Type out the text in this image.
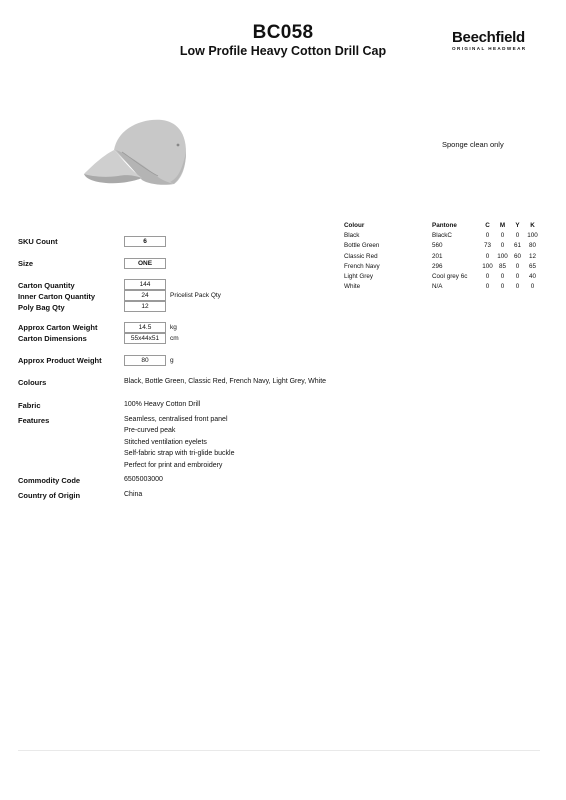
BC058
Low Profile Heavy Cotton Drill Cap
Beechfield
ORIGINAL HEADWEAR
Sponge clean only
SKU Count	6
Size	ONE
Carton Quantity	144
Inner Carton Quantity	24	Pricelist Pack Qty
Poly Bag Qty	12
Approx Carton Weight	14.5	kg
Carton Dimensions	55x44x51	cm
Approx Product Weight	80	g
Colours	Black, Bottle Green, Classic Red, French Navy, Light Grey, White
Fabric	100% Heavy Cotton Drill
Features	Seamless, centralised front panel
Pre-curved peak
Stitched ventilation eyelets
Self-fabric strap with tri-glide buckle
Perfect for print and embroidery
Commodity Code	6505003000
Country of Origin	China
Colour	Pantone	C	M	Y	K
Black	BlackC	0	0	0	100
Bottle Green	560	73	0	61	80
Classic Red	201	0	100	60	12
French Navy	296	100	85	0	65
Light Grey	Cool grey 6c	0	0	0	40
White	N/A	0	0	0	0
